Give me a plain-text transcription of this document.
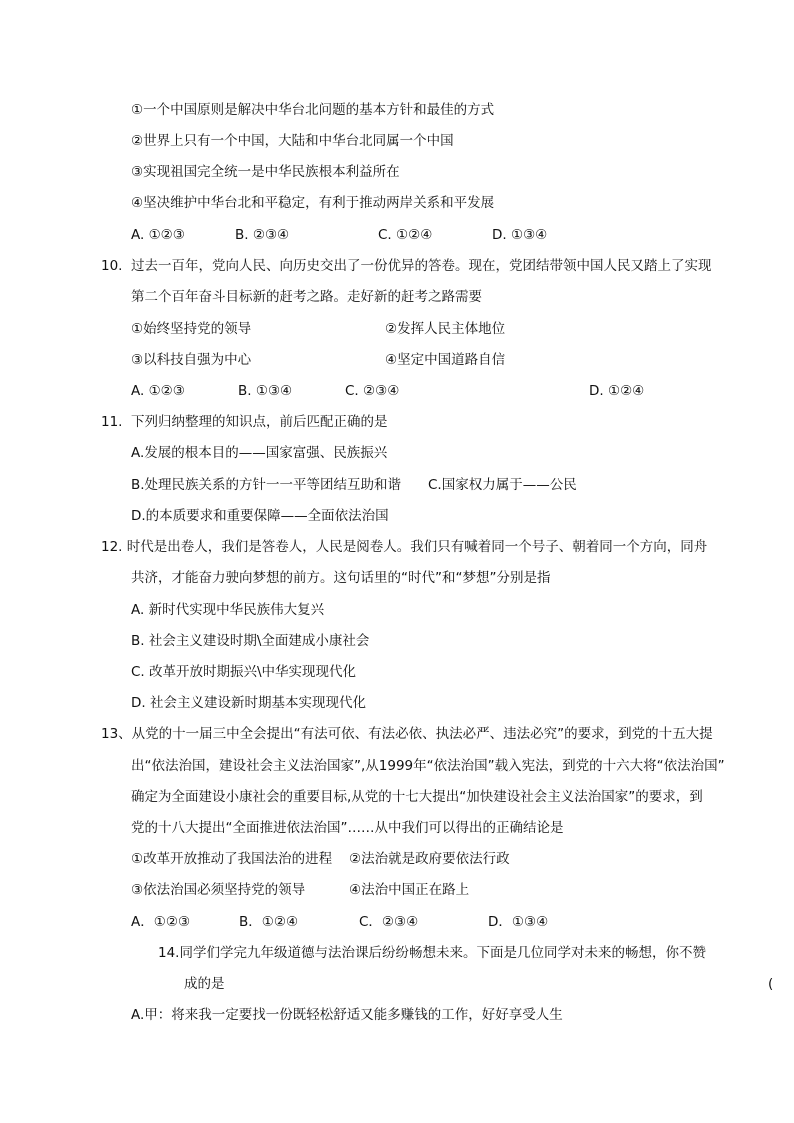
①一个中国原则是解决中华台北问题的基本方针和最佳的方式
②世界上只有一个中国，大陆和中华台北同属一个中国
③实现祖国完全统一是中华民族根本利益所在
④坚决维护中华台北和平稳定，有利于推动两岸关系和平发展
A. ①②③	B. ②③④	C. ①②④	D. ①③④
10. 过去一百年，党向人民、向历史交出了一份优异的答卷。现在，党团结带领中国人民又踏上了实现
第二个百年奋斗目标新的赶考之路。走好新的赶考之路需要
①始终坚持党的领导	②发挥人民主体地位
③以科技自强为中心	④坚定中国道路自信
A. ①②③	B. ①③④	C. ②③④	D. ①②④
11. 下列归纳整理的知识点，前后匹配正确的是
A.发展的根本目的——国家富强、民族振兴
B.处理民族关系的方针一一平等团结互助和谐 C.国家权力属于——公民
D.的本质要求和重要保障——全面依法治国
12. 时代是出卷人，我们是答卷人，人民是阅卷人。我们只有喊着同一个号子、朝着同一个方向，同舟
共济，才能奋力驶向梦想的前方。这句话里的“时代”和“梦想”分别是指
A. 新时代实现中华民族伟大复兴
B. 社会主义建设时期\全面建成小康社会
C. 改革开放时期振兴\中华实现现代化
D. 社会主义建设新时期基本实现现代化
13、从党的十一届三中全会提出“有法可依、有法必依、执法必严、违法必究”的要求，到党的十五大提
出“依法治国，建设社会主义法治国家”,从1999年“依法治国”载入宪法，到党的十六大将“依法治国”
确定为全面建设小康社会的重要目标,从党的十七大提出“加快建设社会主义法治国家”的要求，到
党的十八大提出“全面推进依法治国”……从中我们可以得出的正确结论是
①改革开放推动了我国法治的进程 ②法治就是政府要依法行政
③依法治国必须坚持党的领导	④法治中国正在路上
A．①②③	B．①②④	C．②③④	D．①③④
14.同学们学完九年级道德与法治课后纷纷畅想未来。下面是几位同学对未来的畅想，你不赞
成的是	(
A.甲：将来我一定要找一份既轻松舒适又能多赚钱的工作，好好享受人生
